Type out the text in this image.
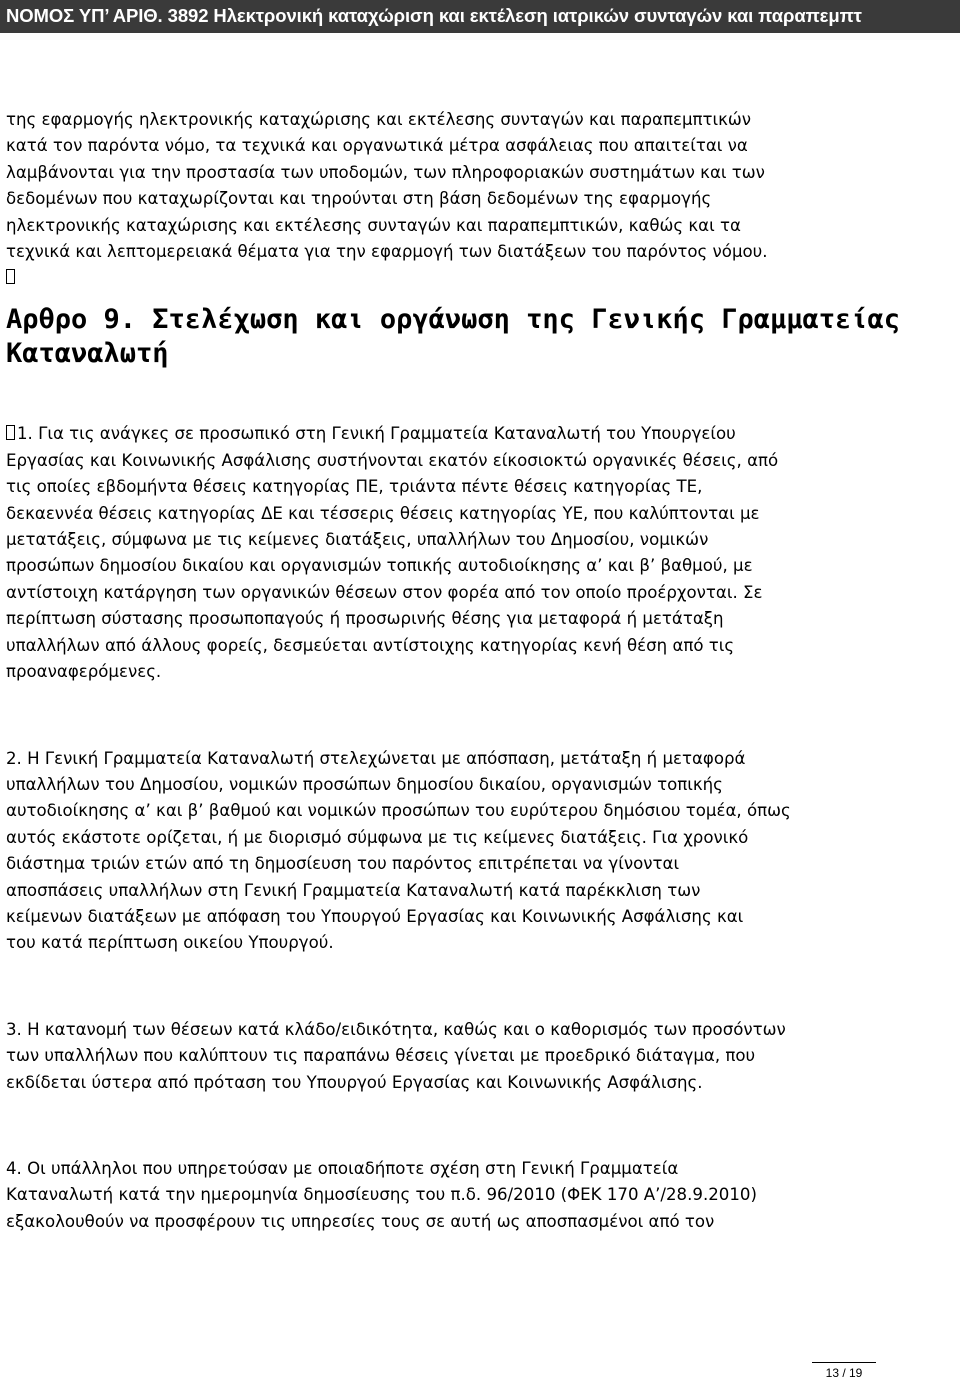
ΝΟΜΟΣ ΥΠ’ ΑΡΙΘ. 3892 Ηλεκτρονική καταχώριση και εκτέλεση ιατρικών συνταγών και παραπεμπτ
της εφαρμογής ηλεκτρονικής καταχώρισης και εκτέλεσης συνταγών και παραπεμπτικών
κατά τον παρόντα νόμο, τα τεχνικά και οργανωτικά μέτρα ασφάλειας που απαιτείται να
λαμβάνονται για την προστασία των υποδομών, των πληροφοριακών συστημάτων και των
δεδομένων που καταχωρίζονται και τηρούνται στη βάση δεδομένων της εφαρμογής
ηλεκτρονικής καταχώρισης και εκτέλεσης συνταγών και παραπεμπτικών, καθώς και τα
τεχνικά και λεπτομερειακά θέματα για την εφαρμογή των διατάξεων του παρόντος νόμου.
Αρθρο 9. Στελέχωση και οργάνωση της Γενικής Γραμματείας
Καταναλωτή
1. Για τις ανάγκες σε προσωπικό στη Γενική Γραμματεία Καταναλωτή του Υπουργείου
Εργασίας και Κοινωνικής Ασφάλισης συστήνονται εκατόν είκοσιοκτώ οργανικές θέσεις, από
τις οποίες εβδομήντα θέσεις κατηγορίας ΠΕ, τριάντα πέντε θέσεις κατηγορίας ΤΕ,
δεκαεννέα θέσεις κατηγορίας ΔΕ και τέσσερις θέσεις κατηγορίας ΥΕ, που καλύπτονται με
μετατάξεις, σύμφωνα με τις κείμενες διατάξεις, υπαλλήλων του Δημοσίου, νομικών
προσώπων δημοσίου δικαίου και οργανισμών τοπικής αυτοδιοίκησης α’ και β’ βαθμού, με
αντίστοιχη κατάργηση των οργανικών θέσεων στον φορέα από τον οποίο προέρχονται. Σε
περίπτωση σύστασης προσωποπαγούς ή προσωρινής θέσης για μεταφορά ή μετάταξη
υπαλλήλων από άλλους φορείς, δεσμεύεται αντίστοιχης κατηγορίας κενή θέση από τις
προαναφερόμενες.
2. Η Γενική Γραμματεία Καταναλωτή στελεχώνεται με απόσπαση, μετάταξη ή μεταφορά
υπαλλήλων του Δημοσίου, νομικών προσώπων δημοσίου δικαίου, οργανισμών τοπικής
αυτοδιοίκησης α’ και β’ βαθμού και νομικών προσώπων του ευρύτερου δημόσιου τομέα, όπως
αυτός εκάστοτε ορίζεται, ή με διορισμό σύμφωνα με τις κείμενες διατάξεις. Για χρονικό
διάστημα τριών ετών από τη δημοσίευση του παρόντος επιτρέπεται να γίνονται
αποσπάσεις υπαλλήλων στη Γενική Γραμματεία Καταναλωτή κατά παρέκκλιση των
κείμενων διατάξεων με απόφαση του Υπουργού Εργασίας και Κοινωνικής Ασφάλισης και
του κατά περίπτωση οικείου Υπουργού.
3. Η κατανομή των θέσεων κατά κλάδο/ειδικότητα, καθώς και ο καθορισμός των προσόντων
των υπαλλήλων που καλύπτουν τις παραπάνω θέσεις γίνεται με προεδρικό διάταγμα, που
εκδίδεται ύστερα από πρόταση του Υπουργού Εργασίας και Κοινωνικής Ασφάλισης.
4. Οι υπάλληλοι που υπηρετούσαν με οποιαδήποτε σχέση στη Γενική Γραμματεία
Καταναλωτή κατά την ημερομηνία δημοσίευσης του π.δ. 96/2010 (ΦΕΚ 170 Α’/28.9.2010)
εξακολουθούν να προσφέρουν τις υπηρεσίες τους σε αυτή ως αποσπασμένοι από τον
13 / 19
